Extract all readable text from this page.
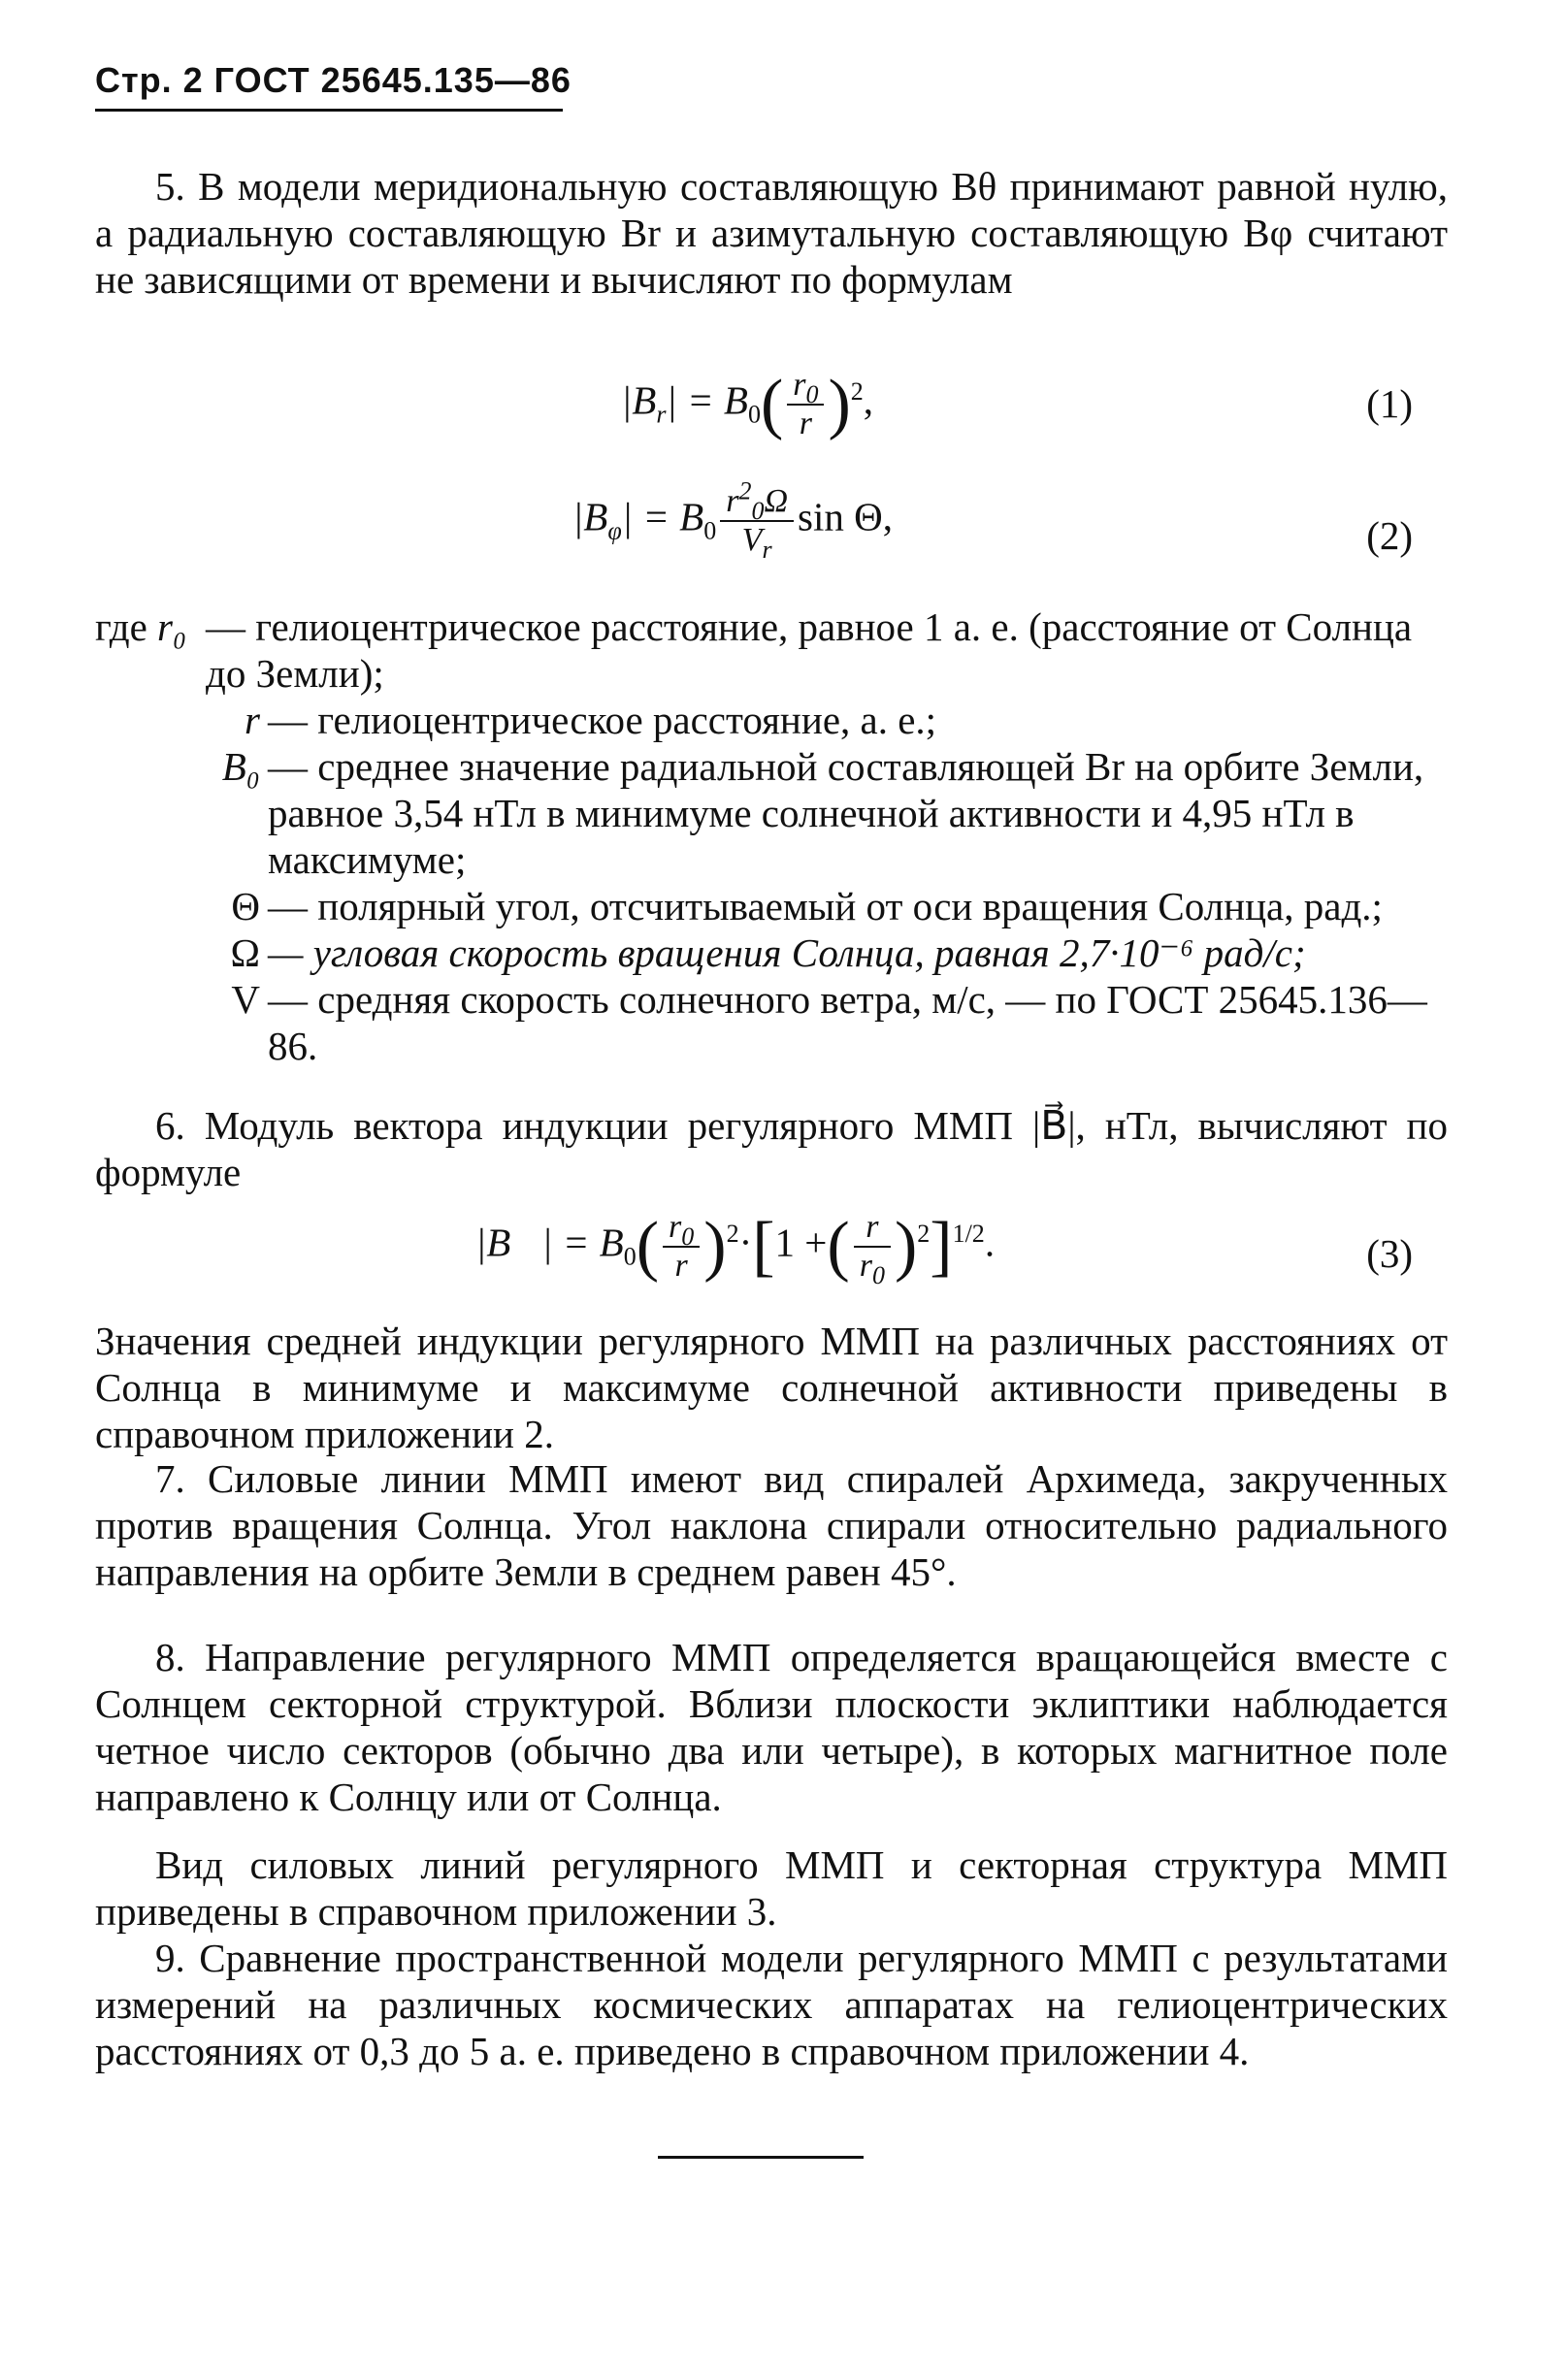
Стр. 2 ГОСТ 25645.135—86

5. В модели меридиональную составляющую Bθ принимают равной нулю, а радиальную составляющую Br и азимутальную составляющую Bφ считают не зависящими от времени и вычисляют по формулам

$|B_r| = B_0( \frac{r_0}{r} )^2$,	(1)
$|B_\varphi| = B_0 \frac{r^2_0\Omega}{V_r}$ sin Θ,	(2)
где r₀ — гелиоцентрическое расстояние, равное 1 а. е. (расстояние от Солнца до Земли);
r — гелиоцентрическое расстояние, а. е.;
B₀ — среднее значение радиальной составляющей Br на орбите Земли, равное 3,54 нТл в минимуме солнечной активности и 4,95 нТл в максимуме;
Θ — полярный угол, отсчитываемый от оси вращения Солнца, рад.;
Ω — угловая скорость вращения Солнца, равная 2,7·10⁻⁶ рад/с;
V — средняя скорость солнечного ветра, м/с, — по ГОСТ 25645.136—86.

6. Модуль вектора индукции регулярного ММП |B⃗|, нТл, вычисляют по формуле

|B⃗| = $B_0( \frac{r_0}{r} )^2\cdot[1$ +( $\frac{r}{r_0} )^2]^{1/2}$.	(3)

Значения средней индукции регулярного ММП на различных расстояниях от Солнца в минимуме и максимуме солнечной активности приведены в справочном приложении 2.

7. Силовые линии ММП имеют вид спиралей Архимеда, закрученных против вращения Солнца. Угол наклона спирали относительно радиального направления на орбите Земли в среднем равен 45°.

8. Направление регулярного ММП определяется вращающейся вместе с Солнцем секторной структурой. Вблизи плоскости эклиптики наблюдается четное число секторов (обычно два или четыре), в которых магнитное поле направлено к Солнцу или от Солнца.

Вид силовых линий регулярного ММП и секторная структура ММП приведены в справочном приложении 3.

9. Сравнение пространственной модели регулярного ММП с результатами измерений на различных космических аппаратах на гелиоцентрических расстояниях от 0,3 до 5 а. е. приведено в справочном приложении 4.
